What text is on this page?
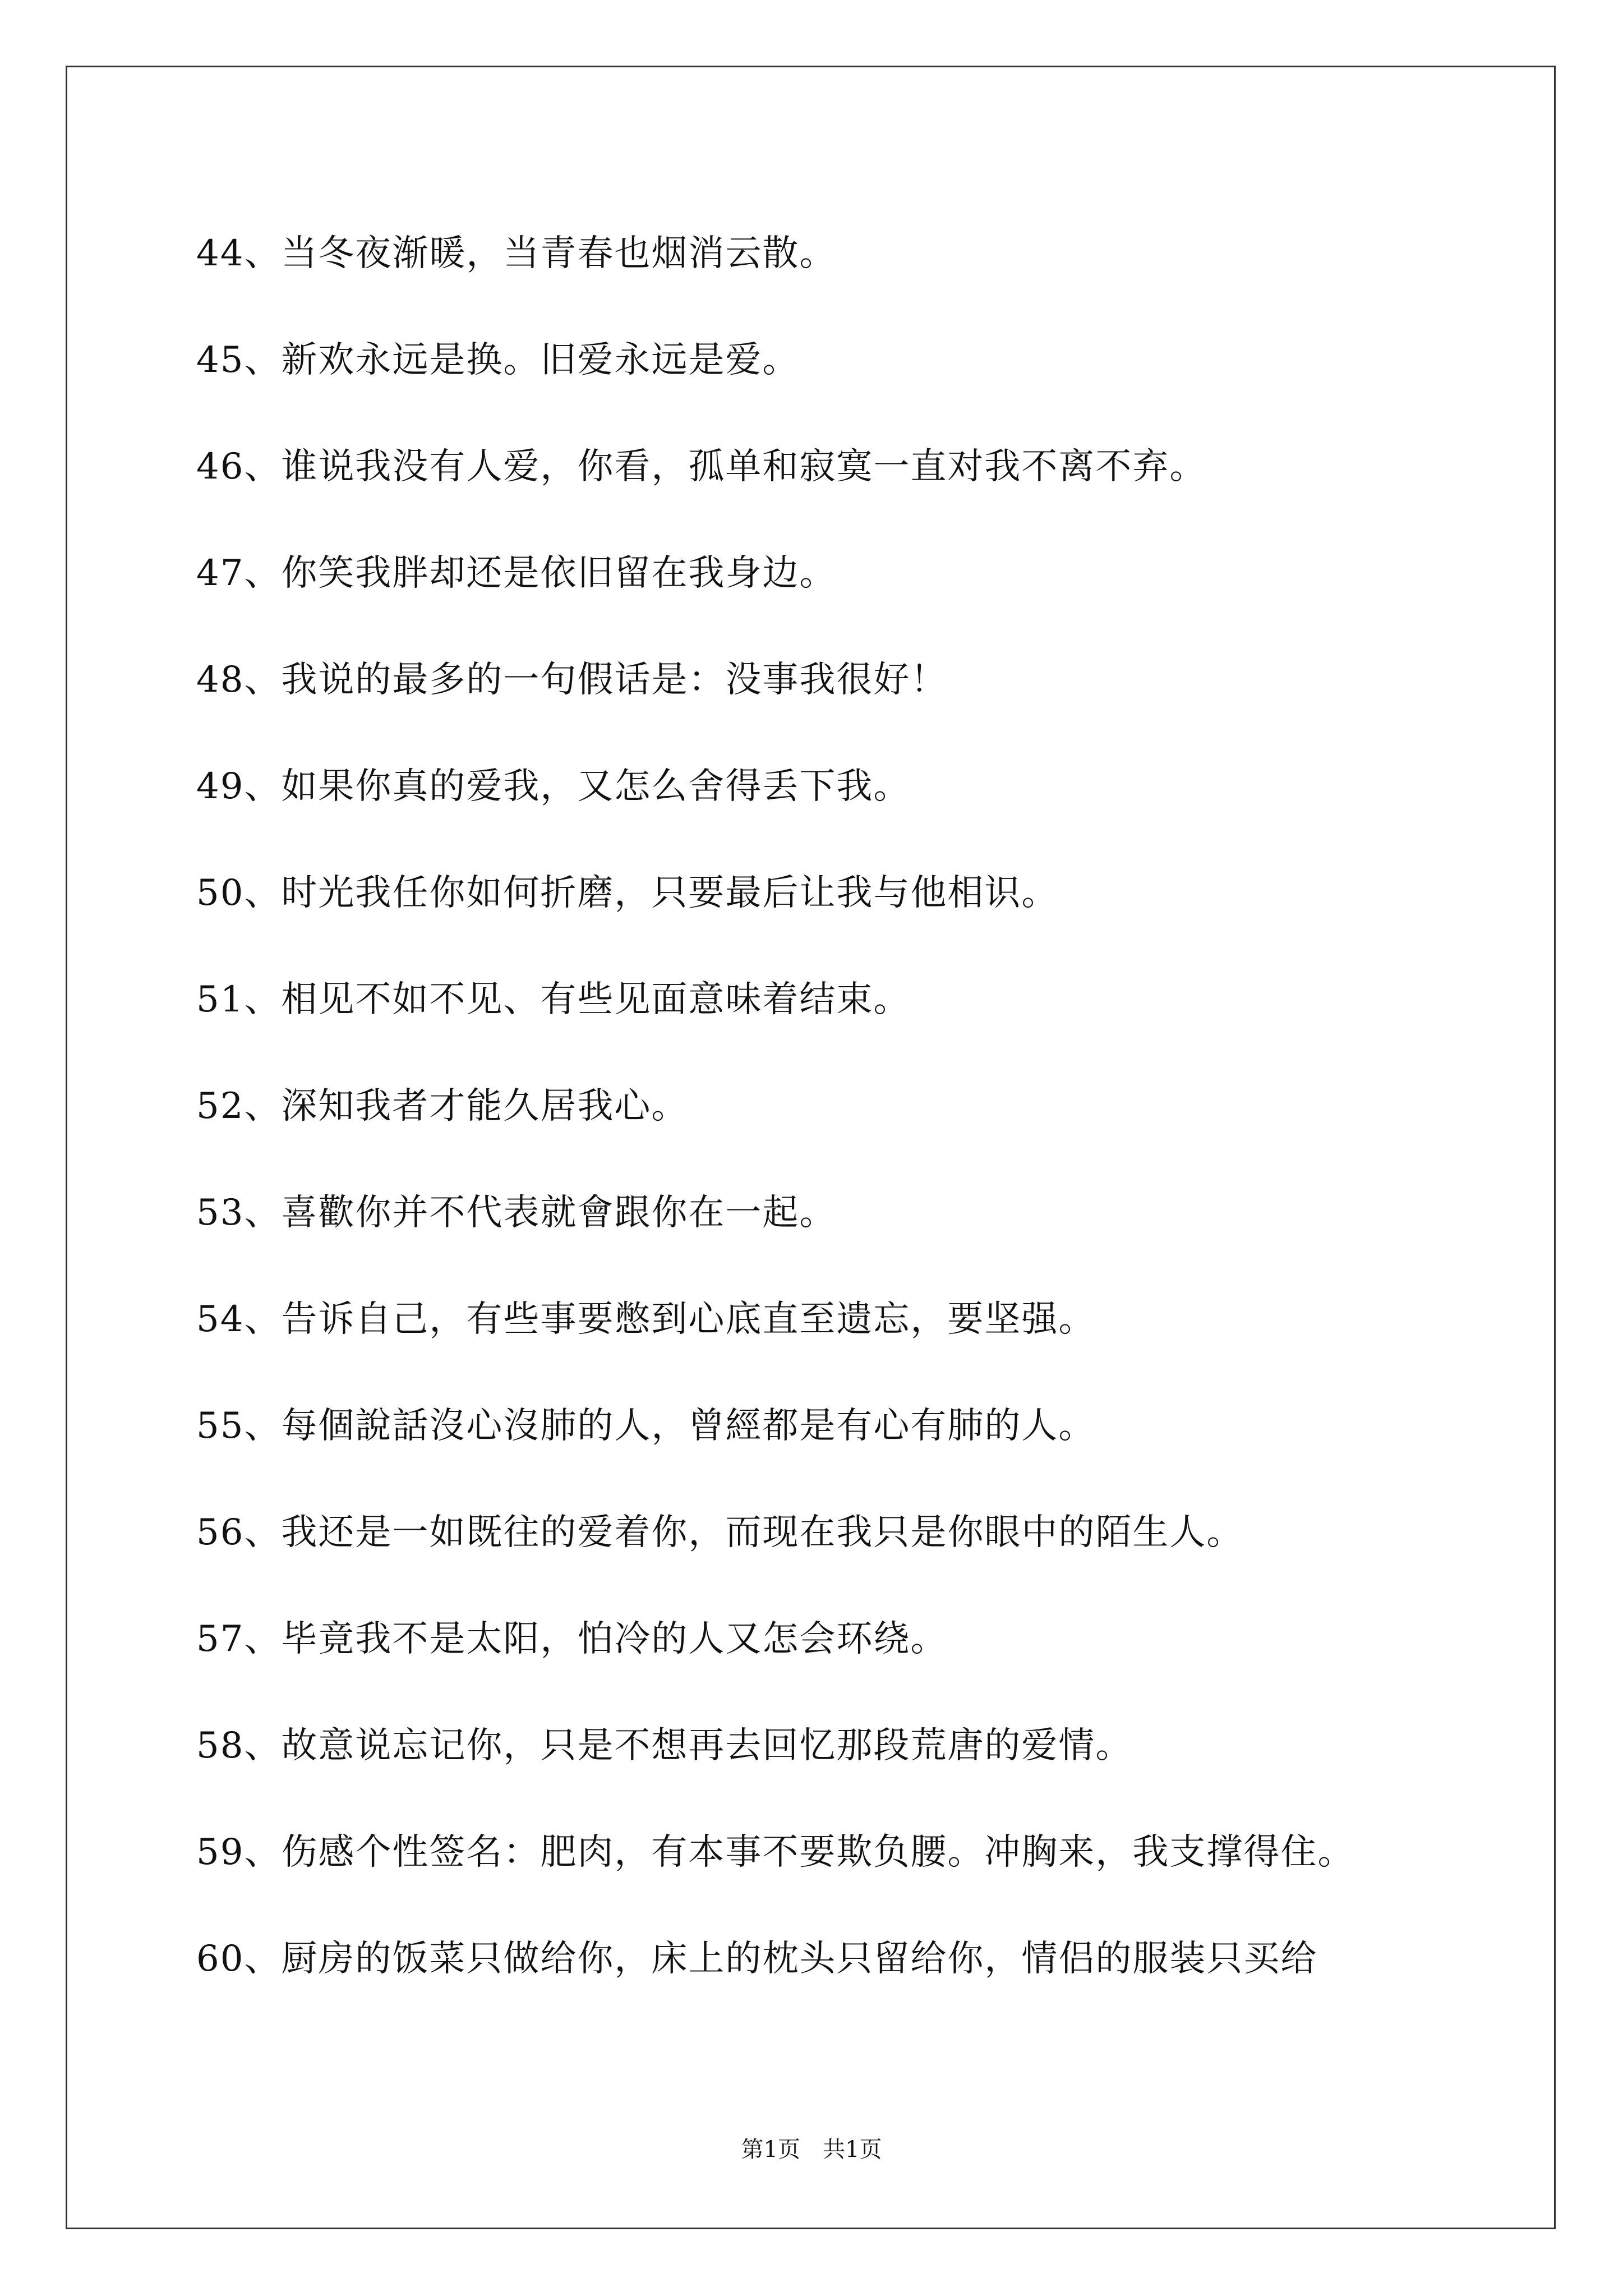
44、当冬夜渐暖，当青春也烟消云散。
45、新欢永远是换。旧爱永远是爱。
46、谁说我没有人爱，你看，孤单和寂寞一直对我不离不弃。
47、你笑我胖却还是依旧留在我身边。
48、我说的最多的一句假话是：没事我很好！
49、如果你真的爱我，又怎么舍得丢下我。
50、时光我任你如何折磨，只要最后让我与他相识。
51、相见不如不见、有些见面意味着结束。
52、深知我者才能久居我心。
53、喜歡你并不代表就會跟你在一起。
54、告诉自己，有些事要憋到心底直至遗忘，要坚强。
55、每個說話沒心沒肺的人，曾經都是有心有肺的人。
56、我还是一如既往的爱着你，而现在我只是你眼中的陌生人。
57、毕竟我不是太阳，怕冷的人又怎会环绕。
58、故意说忘记你，只是不想再去回忆那段荒唐的爱情。
59、伤感个性签名：肥肉，有本事不要欺负腰。冲胸来，我支撑得住。
60、厨房的饭菜只做给你，床上的枕头只留给你，情侣的服装只买给
第1页 共1页
